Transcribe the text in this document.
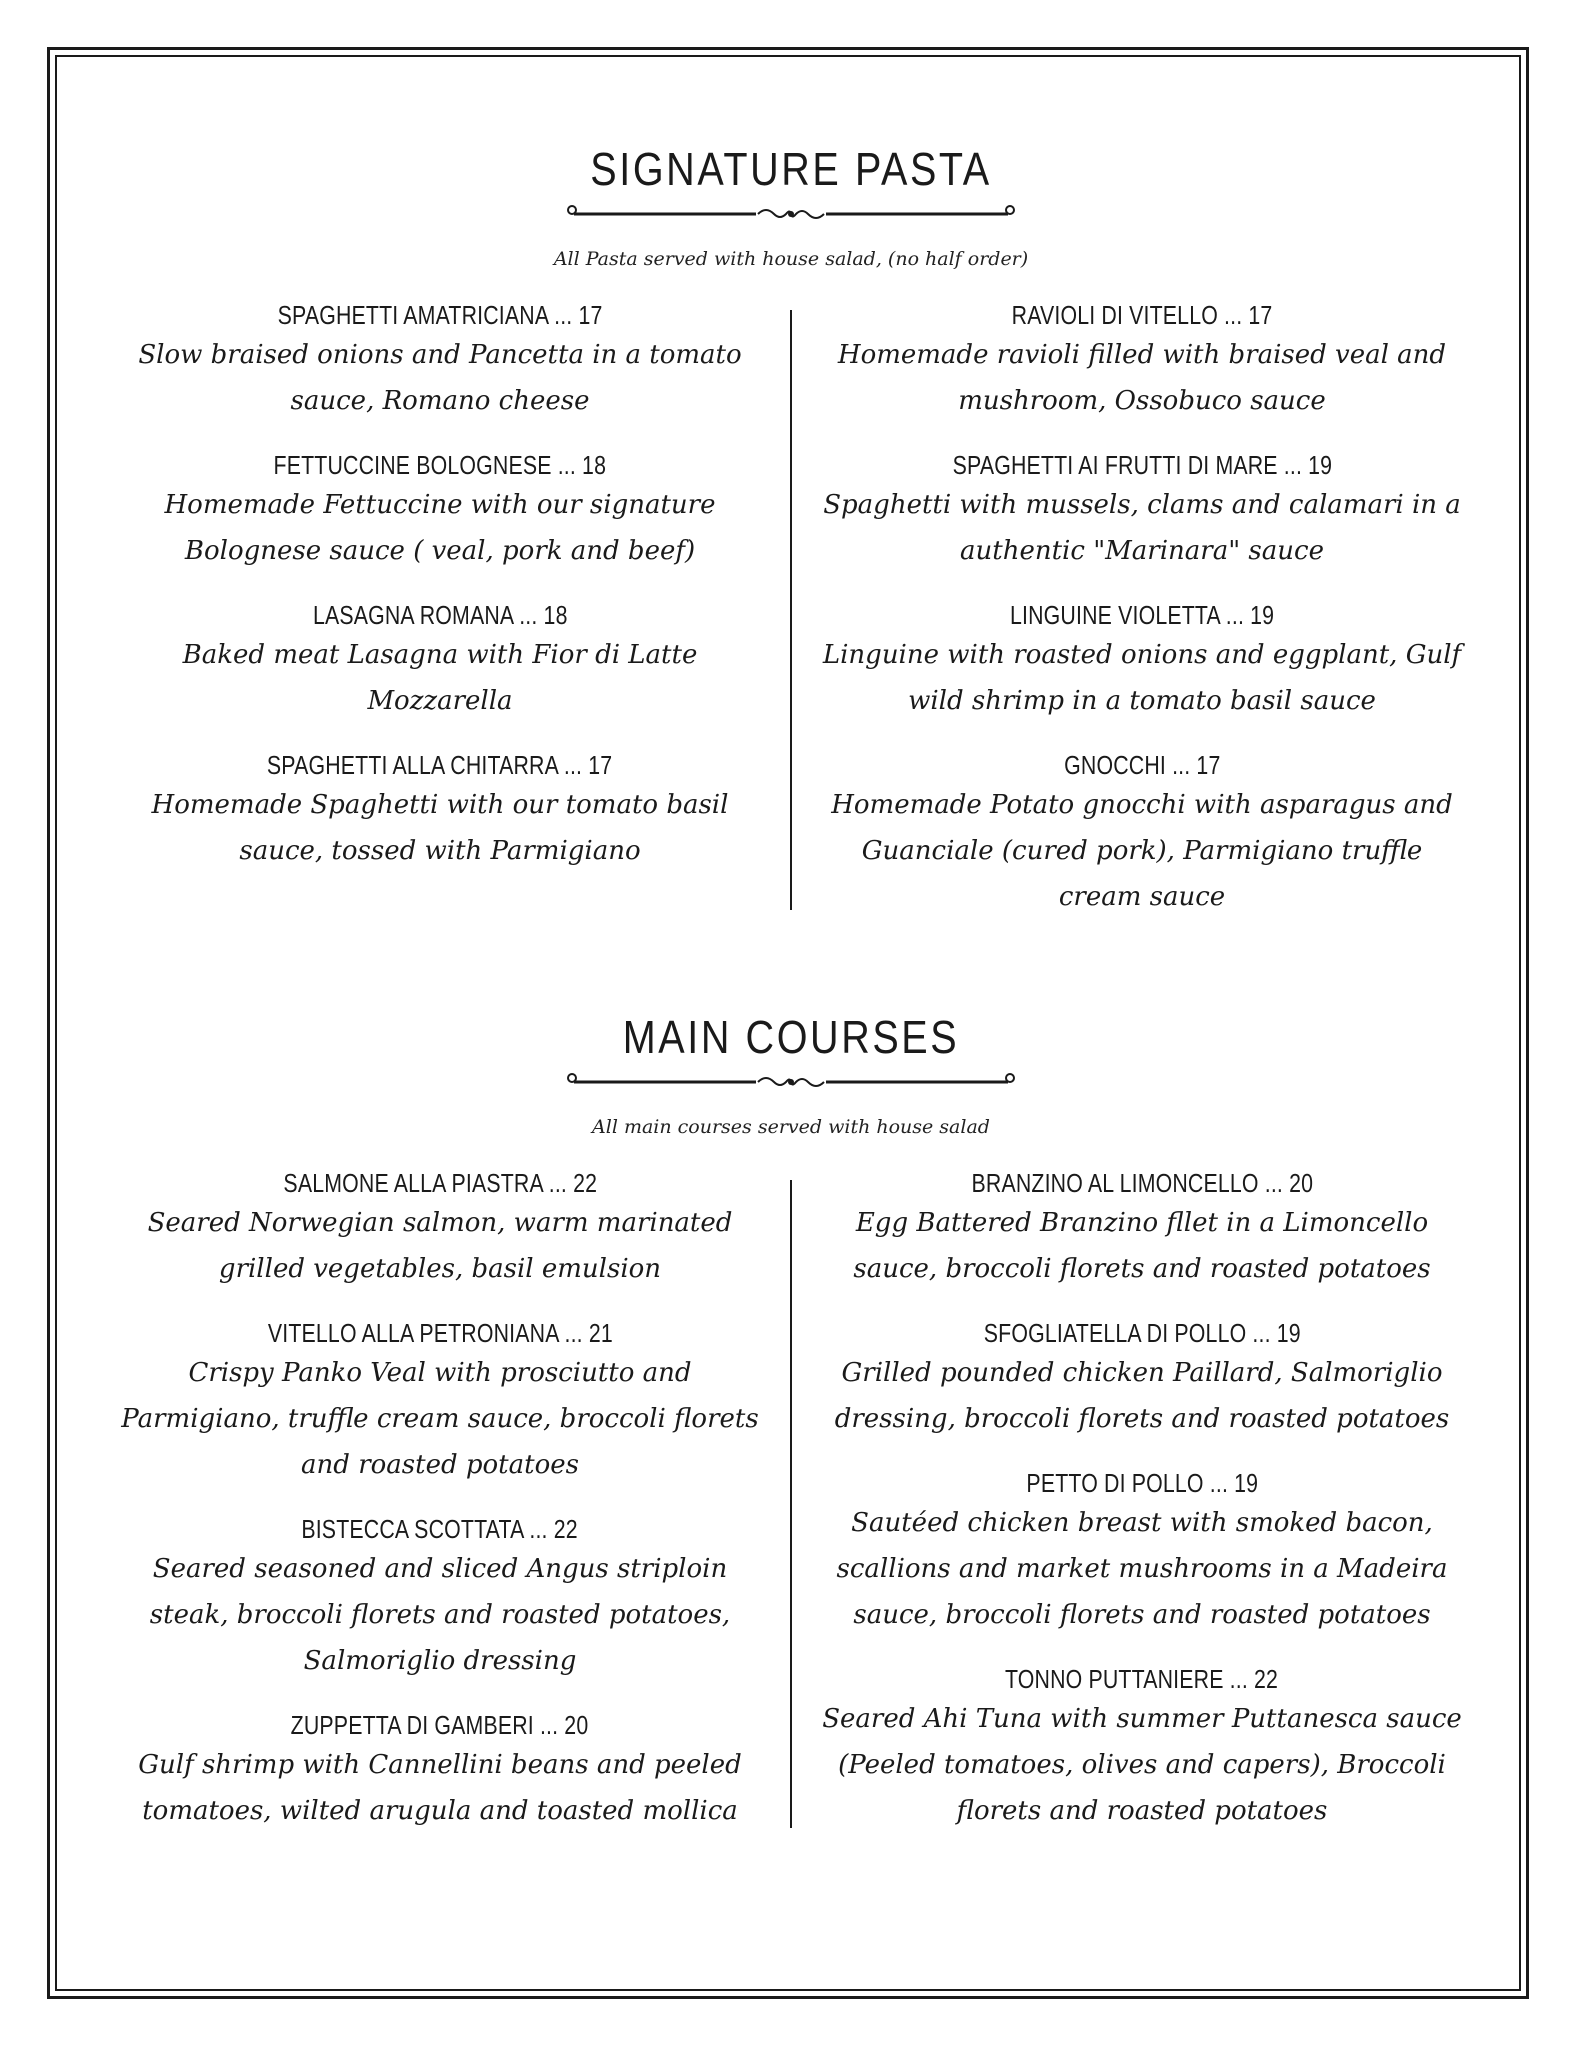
SIGNATURE PASTA
All Pasta served with house salad, (no half order)
SPAGHETTI AMATRICIANA ... 17

Slow braised onions and Pancetta in a tomato sauce, Romano cheese

FETTUCCINE BOLOGNESE ... 18

Homemade Fettuccine with our signature Bolognese sauce ( veal, pork and beef)

LASAGNA ROMANA ... 18

Baked meat Lasagna with Fior di Latte Mozzarella

SPAGHETTI ALLA CHITARRA ... 17

Homemade Spaghetti with our tomato basil sauce, tossed with Parmigiano

RAVIOLI DI VITELLO ... 17

Homemade ravioli filled with braised veal and mushroom, Ossobuco sauce

SPAGHETTI AI FRUTTI DI MARE ... 19

Spaghetti with mussels, clams and calamari in a authentic "Marinara" sauce

LINGUINE VIOLETTA ... 19

Linguine with roasted onions and eggplant, Gulf wild shrimp in a tomato basil sauce

GNOCCHI ... 17

Homemade Potato gnocchi with asparagus and Guanciale (cured pork), Parmigiano truffle cream sauce

MAIN COURSES
All main courses served with house salad
SALMONE ALLA PIASTRA ... 22

Seared Norwegian salmon, warm marinated grilled vegetables, basil emulsion

VITELLO ALLA PETRONIANA ... 21

Crispy Panko Veal with prosciutto and Parmigiano, truffle cream sauce, broccoli florets and roasted potatoes

BISTECCA SCOTTATA ... 22

Seared seasoned and sliced Angus striploin steak, broccoli florets and roasted potatoes, Salmoriglio dressing

ZUPPETTA DI GAMBERI ... 20

Gulf shrimp with Cannellini beans and peeled tomatoes, wilted arugula and toasted mollica

BRANZINO AL LIMONCELLO ... 20

Egg Battered Branzino fllet in a Limoncello sauce, broccoli florets and roasted potatoes

SFOGLIATELLA DI POLLO ... 19

Grilled pounded chicken Paillard, Salmoriglio dressing, broccoli florets and roasted potatoes

PETTO DI POLLO ... 19

Sautéed chicken breast with smoked bacon, scallions and market mushrooms in a Madeira sauce, broccoli florets and roasted potatoes

TONNO PUTTANIERE ... 22

Seared Ahi Tuna with summer Puttanesca sauce (Peeled tomatoes, olives and capers), Broccoli florets and roasted potatoes
